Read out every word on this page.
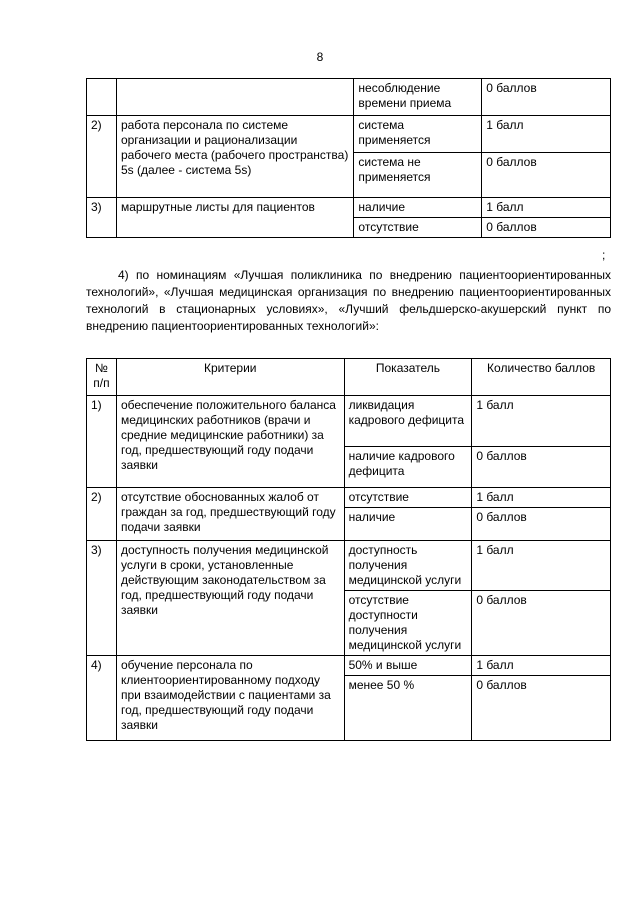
8
		несоблюдение времени приема	0 баллов
2)	работа персонала по системе организации и рационализации рабочего места (рабочего пространства) 5s (далее - система 5s)	система применяется	1 балл
		система не применяется	0 баллов
3)	маршрутные листы для пациентов	наличие	1 балл
		отсутствие	0 баллов
;
4) по номинациям «Лучшая поликлиника по внедрению пациентоориентированных технологий», «Лучшая медицинская организация по внедрению пациентоориентированных технологий в стационарных условиях», «Лучший фельдшерско-акушерский пункт по внедрению пациентоориентированных технологий»:
№ п/п	Критерии	Показатель	Количество баллов
1)	обеспечение положительного баланса медицинских работников (врачи и средние медицинские работники) за год, предшествующий году подачи заявки	ликвидация кадрового дефицита	1 балл
		наличие кадрового дефицита	0 баллов
2)	отсутствие обоснованных жалоб от граждан за год, предшествующий году подачи заявки	отсутствие	1 балл
		наличие	0 баллов
3)	доступность получения медицинской услуги в сроки, установленные действующим законодательством за год, предшествующий году подачи заявки	доступность получения медицинской услуги	1 балл
		отсутствие доступности получения медицинской услуги	0 баллов
4)	обучение персонала по клиентоориентированному подходу при взаимодействии с пациентами за год, предшествующий году подачи заявки	50% и выше	1 балл
		менее 50 %	0 баллов
